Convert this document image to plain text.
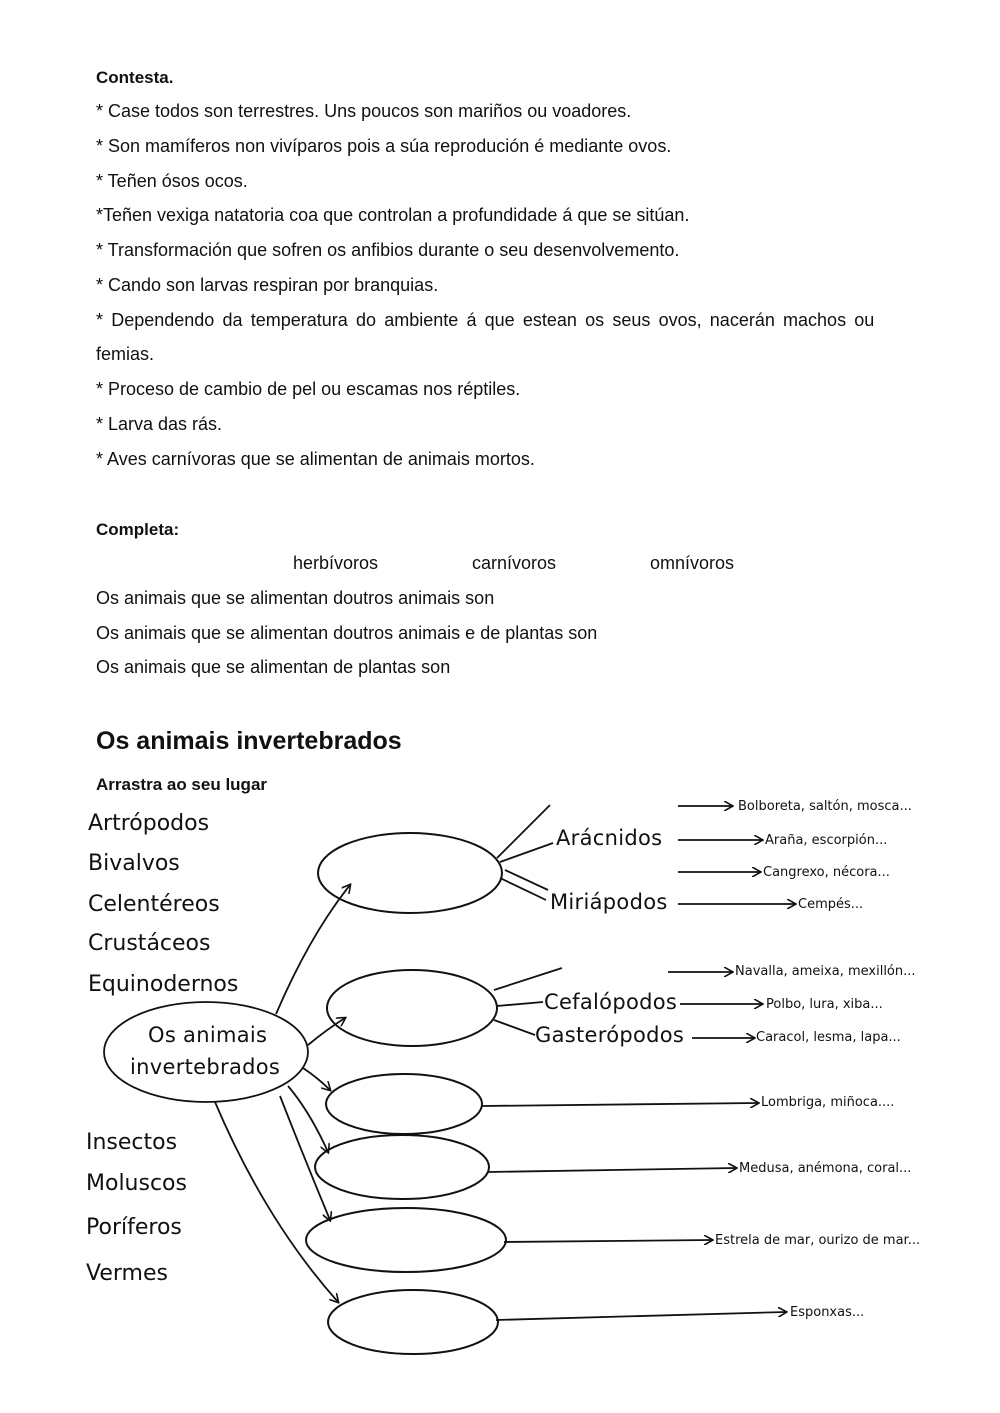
Contesta.
* Case todos son terrestres. Uns poucos son mariños ou voadores.
* Son mamíferos non vivíparos pois a súa reprodución é mediante ovos.
* Teñen ósos ocos.
*Teñen vexiga natatoria coa que controlan a profundidade á que se sitúan.
* Transformación que sofren os anfibios durante o seu desenvolvemento.
* Cando son larvas respiran por branquias.
* Dependendo da temperatura do ambiente á que estean os seus ovos, nacerán machos ou
femias.
* Proceso de cambio de pel ou escamas nos réptiles.
* Larva das rás.
* Aves carnívoras que se alimentan de animais mortos.
Completa:
herbívoros	carnívoros	omnívoros
Os animais que se alimentan doutros animais son
Os animais que se alimentan doutros animais e de plantas son
Os animais que se alimentan de plantas son
Os animais invertebrados
Arrastra ao seu lugar
Artrópodos
Bivalvos
Celentéreos
Crustáceos
Equinodernos
Insectos
Moluscos
Poríferos
Vermes
Os animais
invertebrados
Arácnidos
Miriápodos
Cefalópodos
Gasterópodos
Bolboreta, saltón, mosca...
Araña, escorpión...
Cangrexo, nécora...
Cempés...
Navalla, ameixa, mexillón...
Polbo, lura, xiba...
Caracol, lesma, lapa...
Lombriga, miñoca....
Medusa, anémona, coral...
Estrela de mar, ourizo de mar...
Esponxas...
